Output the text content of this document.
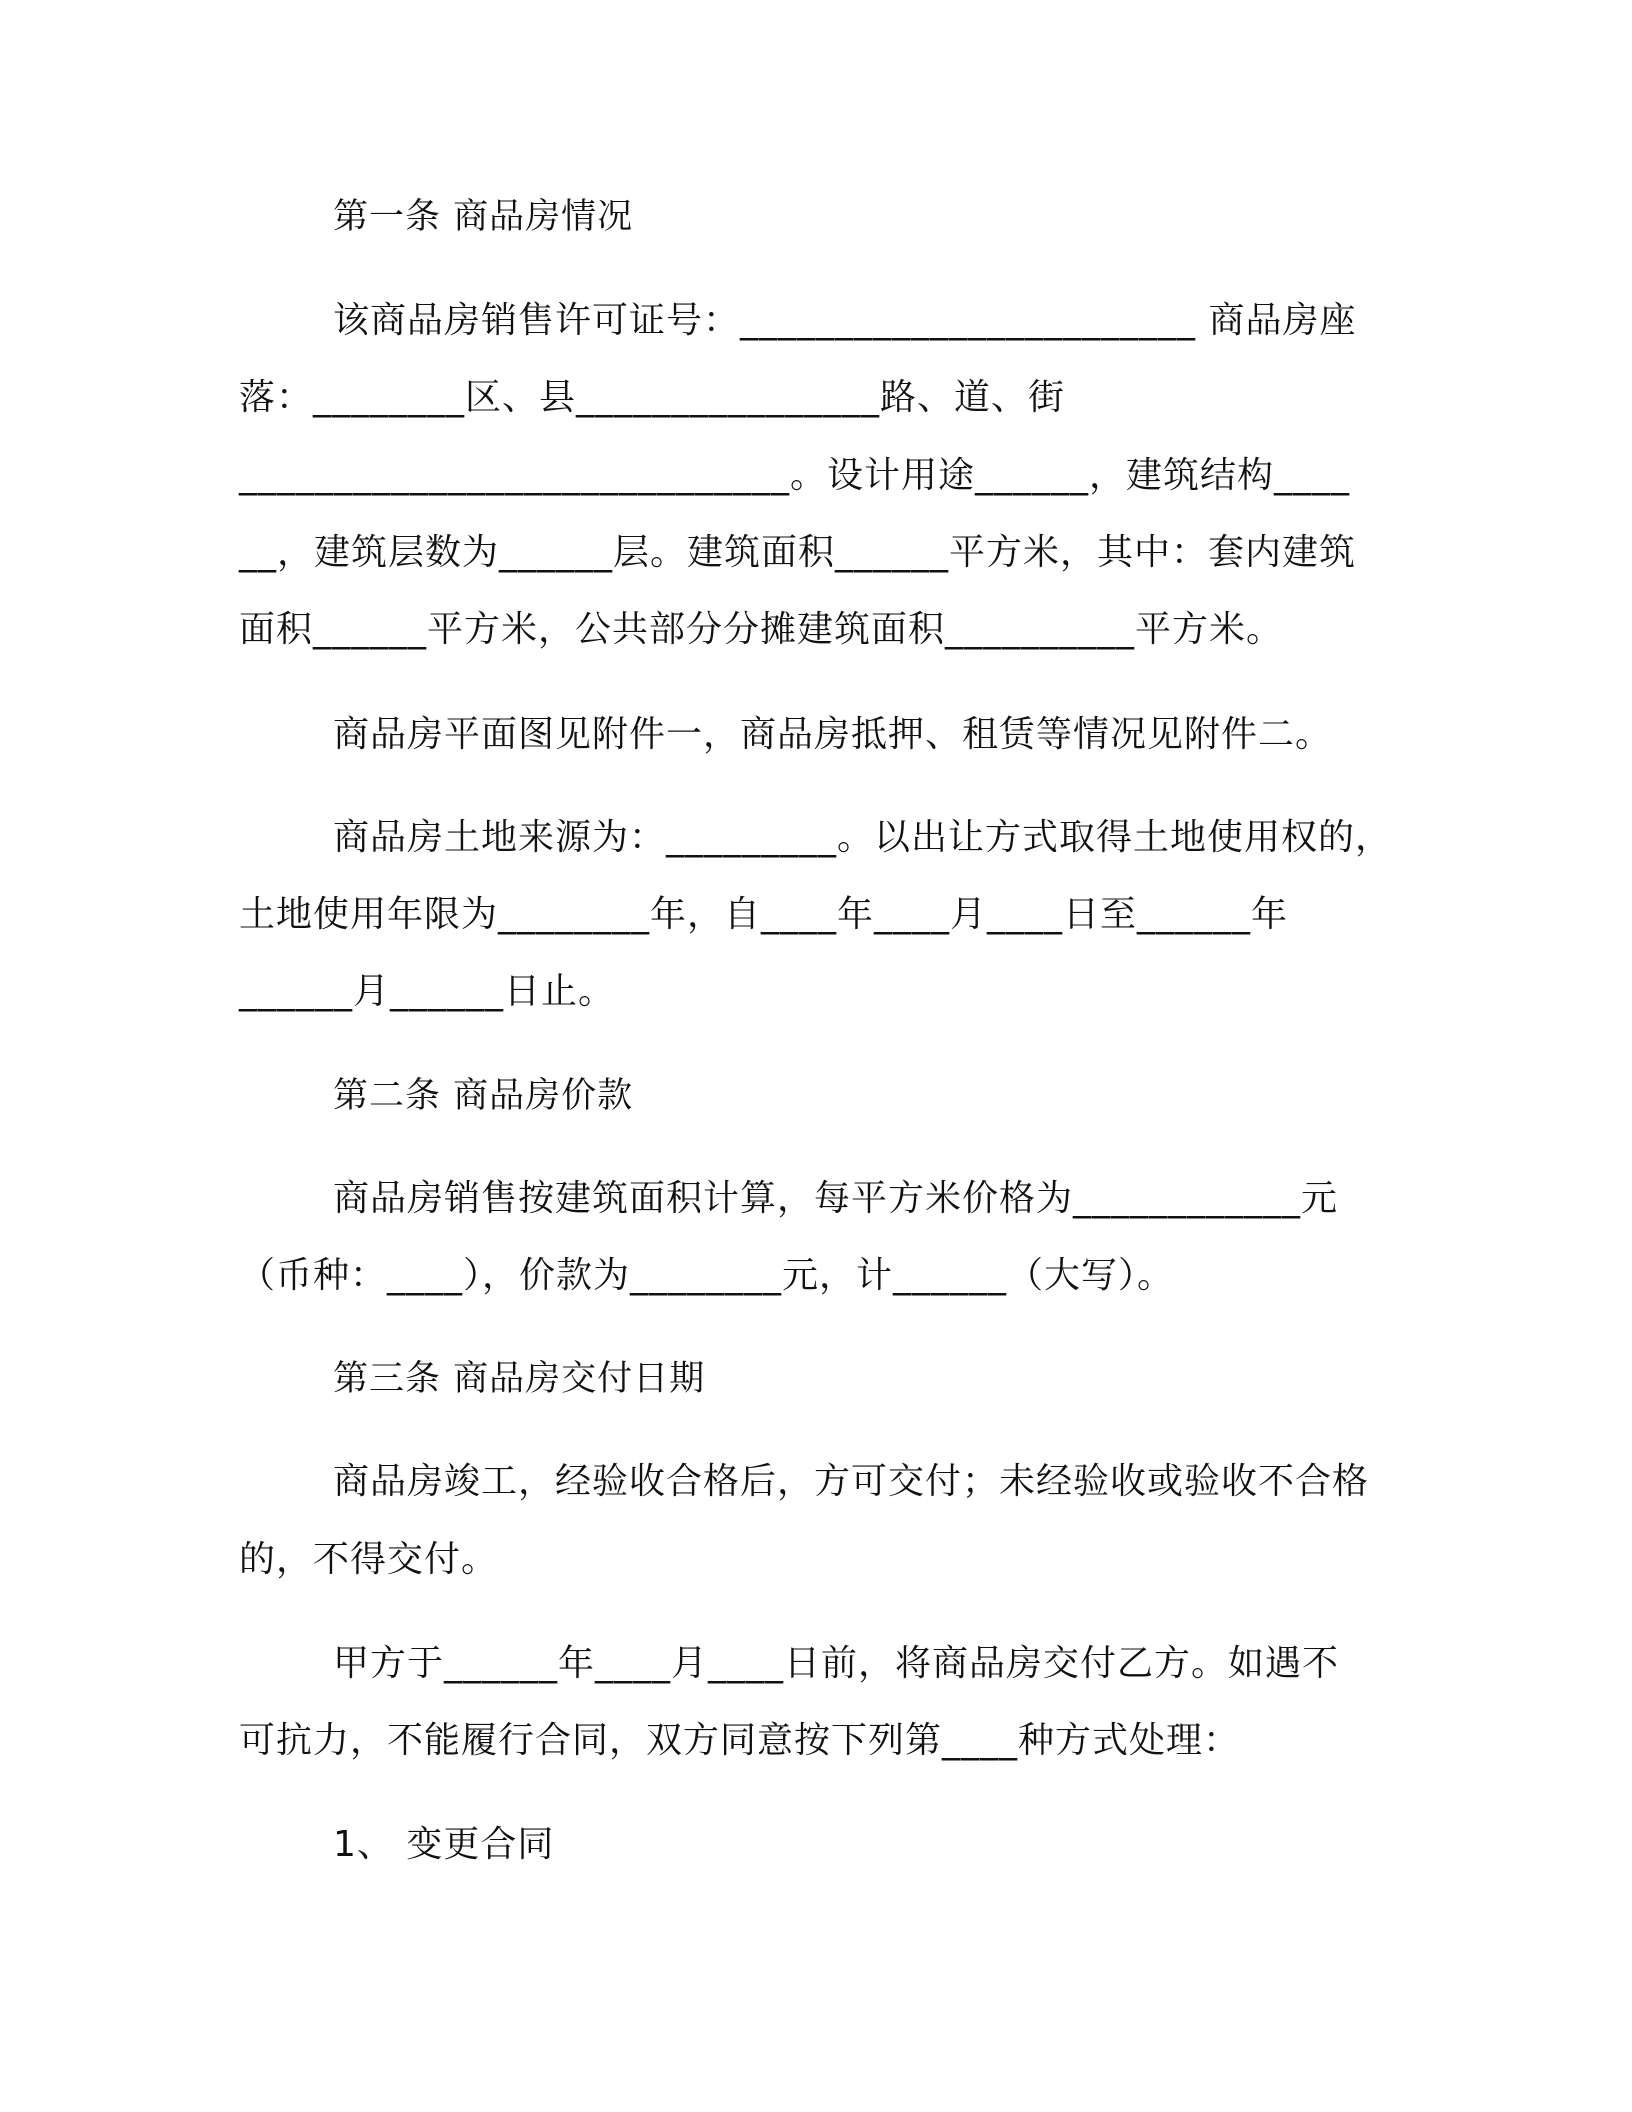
第一条 商品房情况
该商品房销售许可证号：________________________ 商品房座
落：________区、县________________路、道、街
_____________________________。设计用途______，建筑结构____
__，建筑层数为______层。建筑面积______平方米，其中：套内建筑
面积______平方米，公共部分分摊建筑面积__________平方米。
商品房平面图见附件一，商品房抵押、租赁等情况见附件二。
商品房土地来源为：_________。以出让方式取得土地使用权的，
土地使用年限为________年，自____年____月____日至______年
______月______日止。
第二条 商品房价款
商品房销售按建筑面积计算，每平方米价格为____________元
（币种：____），价款为________元，计______（大写）。
第三条 商品房交付日期
商品房竣工，经验收合格后，方可交付；未经验收或验收不合格
的，不得交付。
甲方于______年____月____日前，将商品房交付乙方。如遇不
可抗力，不能履行合同，双方同意按下列第____种方式处理：
1、 变更合同
